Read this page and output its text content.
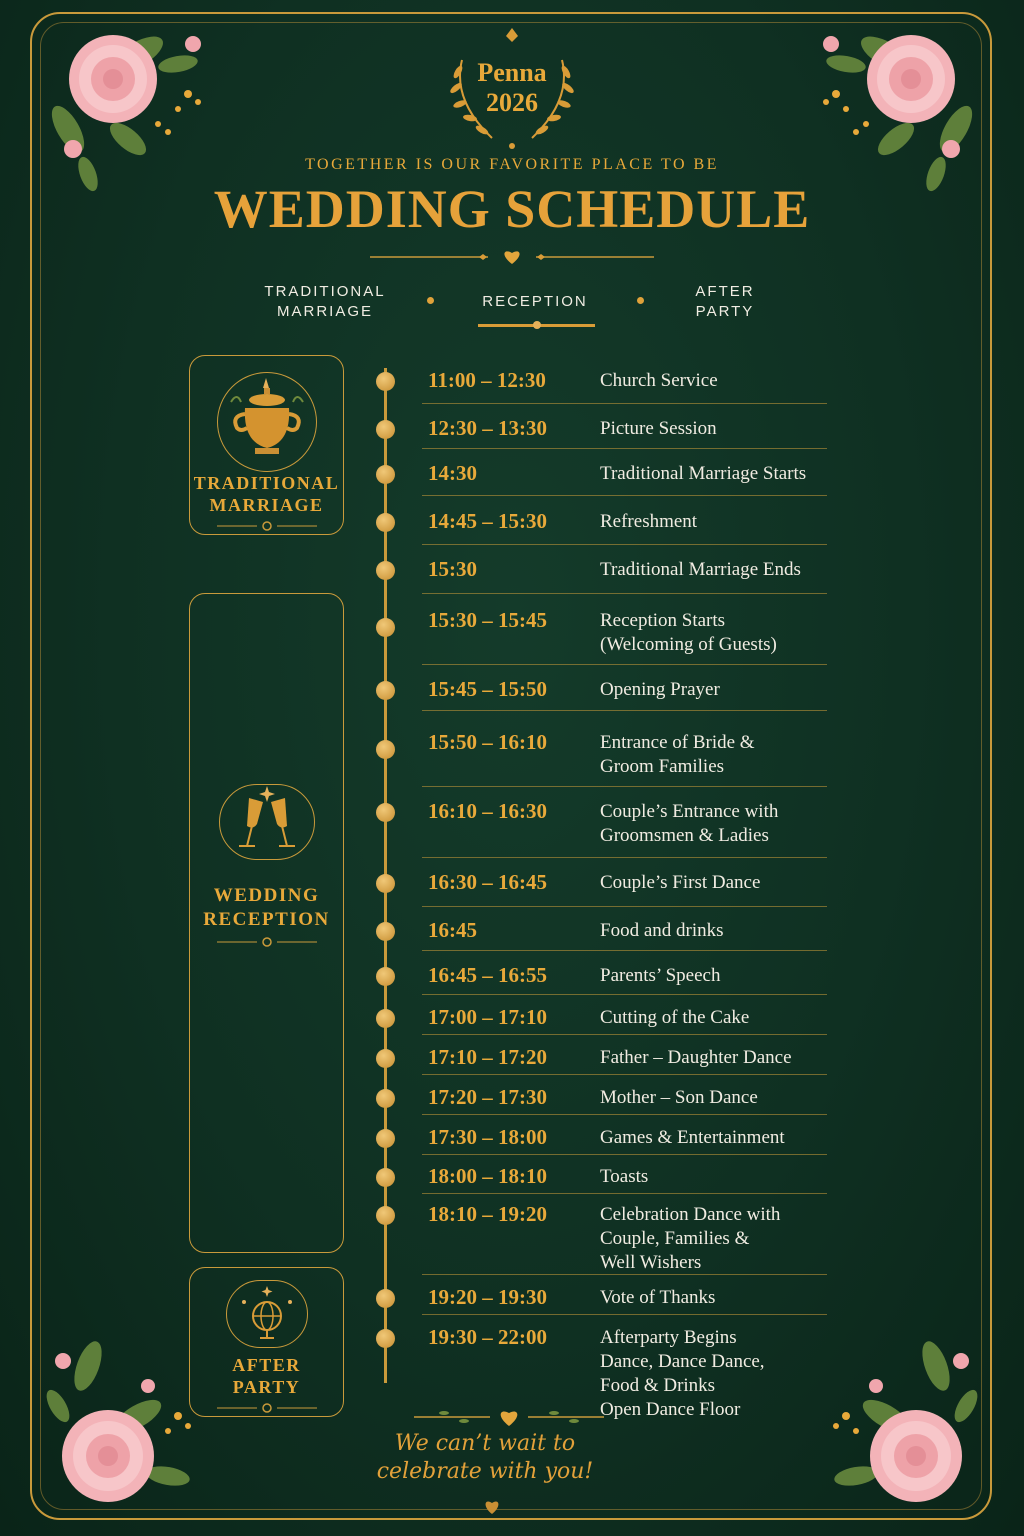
Penna
2026
TOGETHER IS OUR FAVORITE PLACE TO BE
WEDDING SCHEDULE
TRADITIONAL
MARRIAGE
RECEPTION
AFTER
PARTY
TRADITIONAL
MARRIAGE
WEDDING
RECEPTION
AFTER
PARTY
11:00 – 12:30	Church Service
12:30 – 13:30	Picture Session
14:30	Traditional Marriage Starts
14:45 – 15:30	Refreshment
15:30	Traditional Marriage Ends
15:30 – 15:45	Reception Starts
(Welcoming of Guests)
15:45 – 15:50	Opening Prayer
15:50 – 16:10	Entrance of Bride &
Groom Families
16:10 – 16:30	Couple’s Entrance with
Groomsmen & Ladies
16:30 – 16:45	Couple’s First Dance
16:45	Food and drinks
16:45 – 16:55	Parents’ Speech
17:00 – 17:10	Cutting of the Cake
17:10 – 17:20	Father – Daughter Dance
17:20 – 17:30	Mother – Son Dance
17:30 – 18:00	Games & Entertainment
18:00 – 18:10	Toasts
18:10 – 19:20	Celebration Dance with
Couple, Families &
Well Wishers
19:20 – 19:30	Vote of Thanks
19:30 – 22:00	Afterparty Begins
Dance, Dance Dance,
Food & Drinks
Open Dance Floor
We can’t wait to
celebrate with you!
